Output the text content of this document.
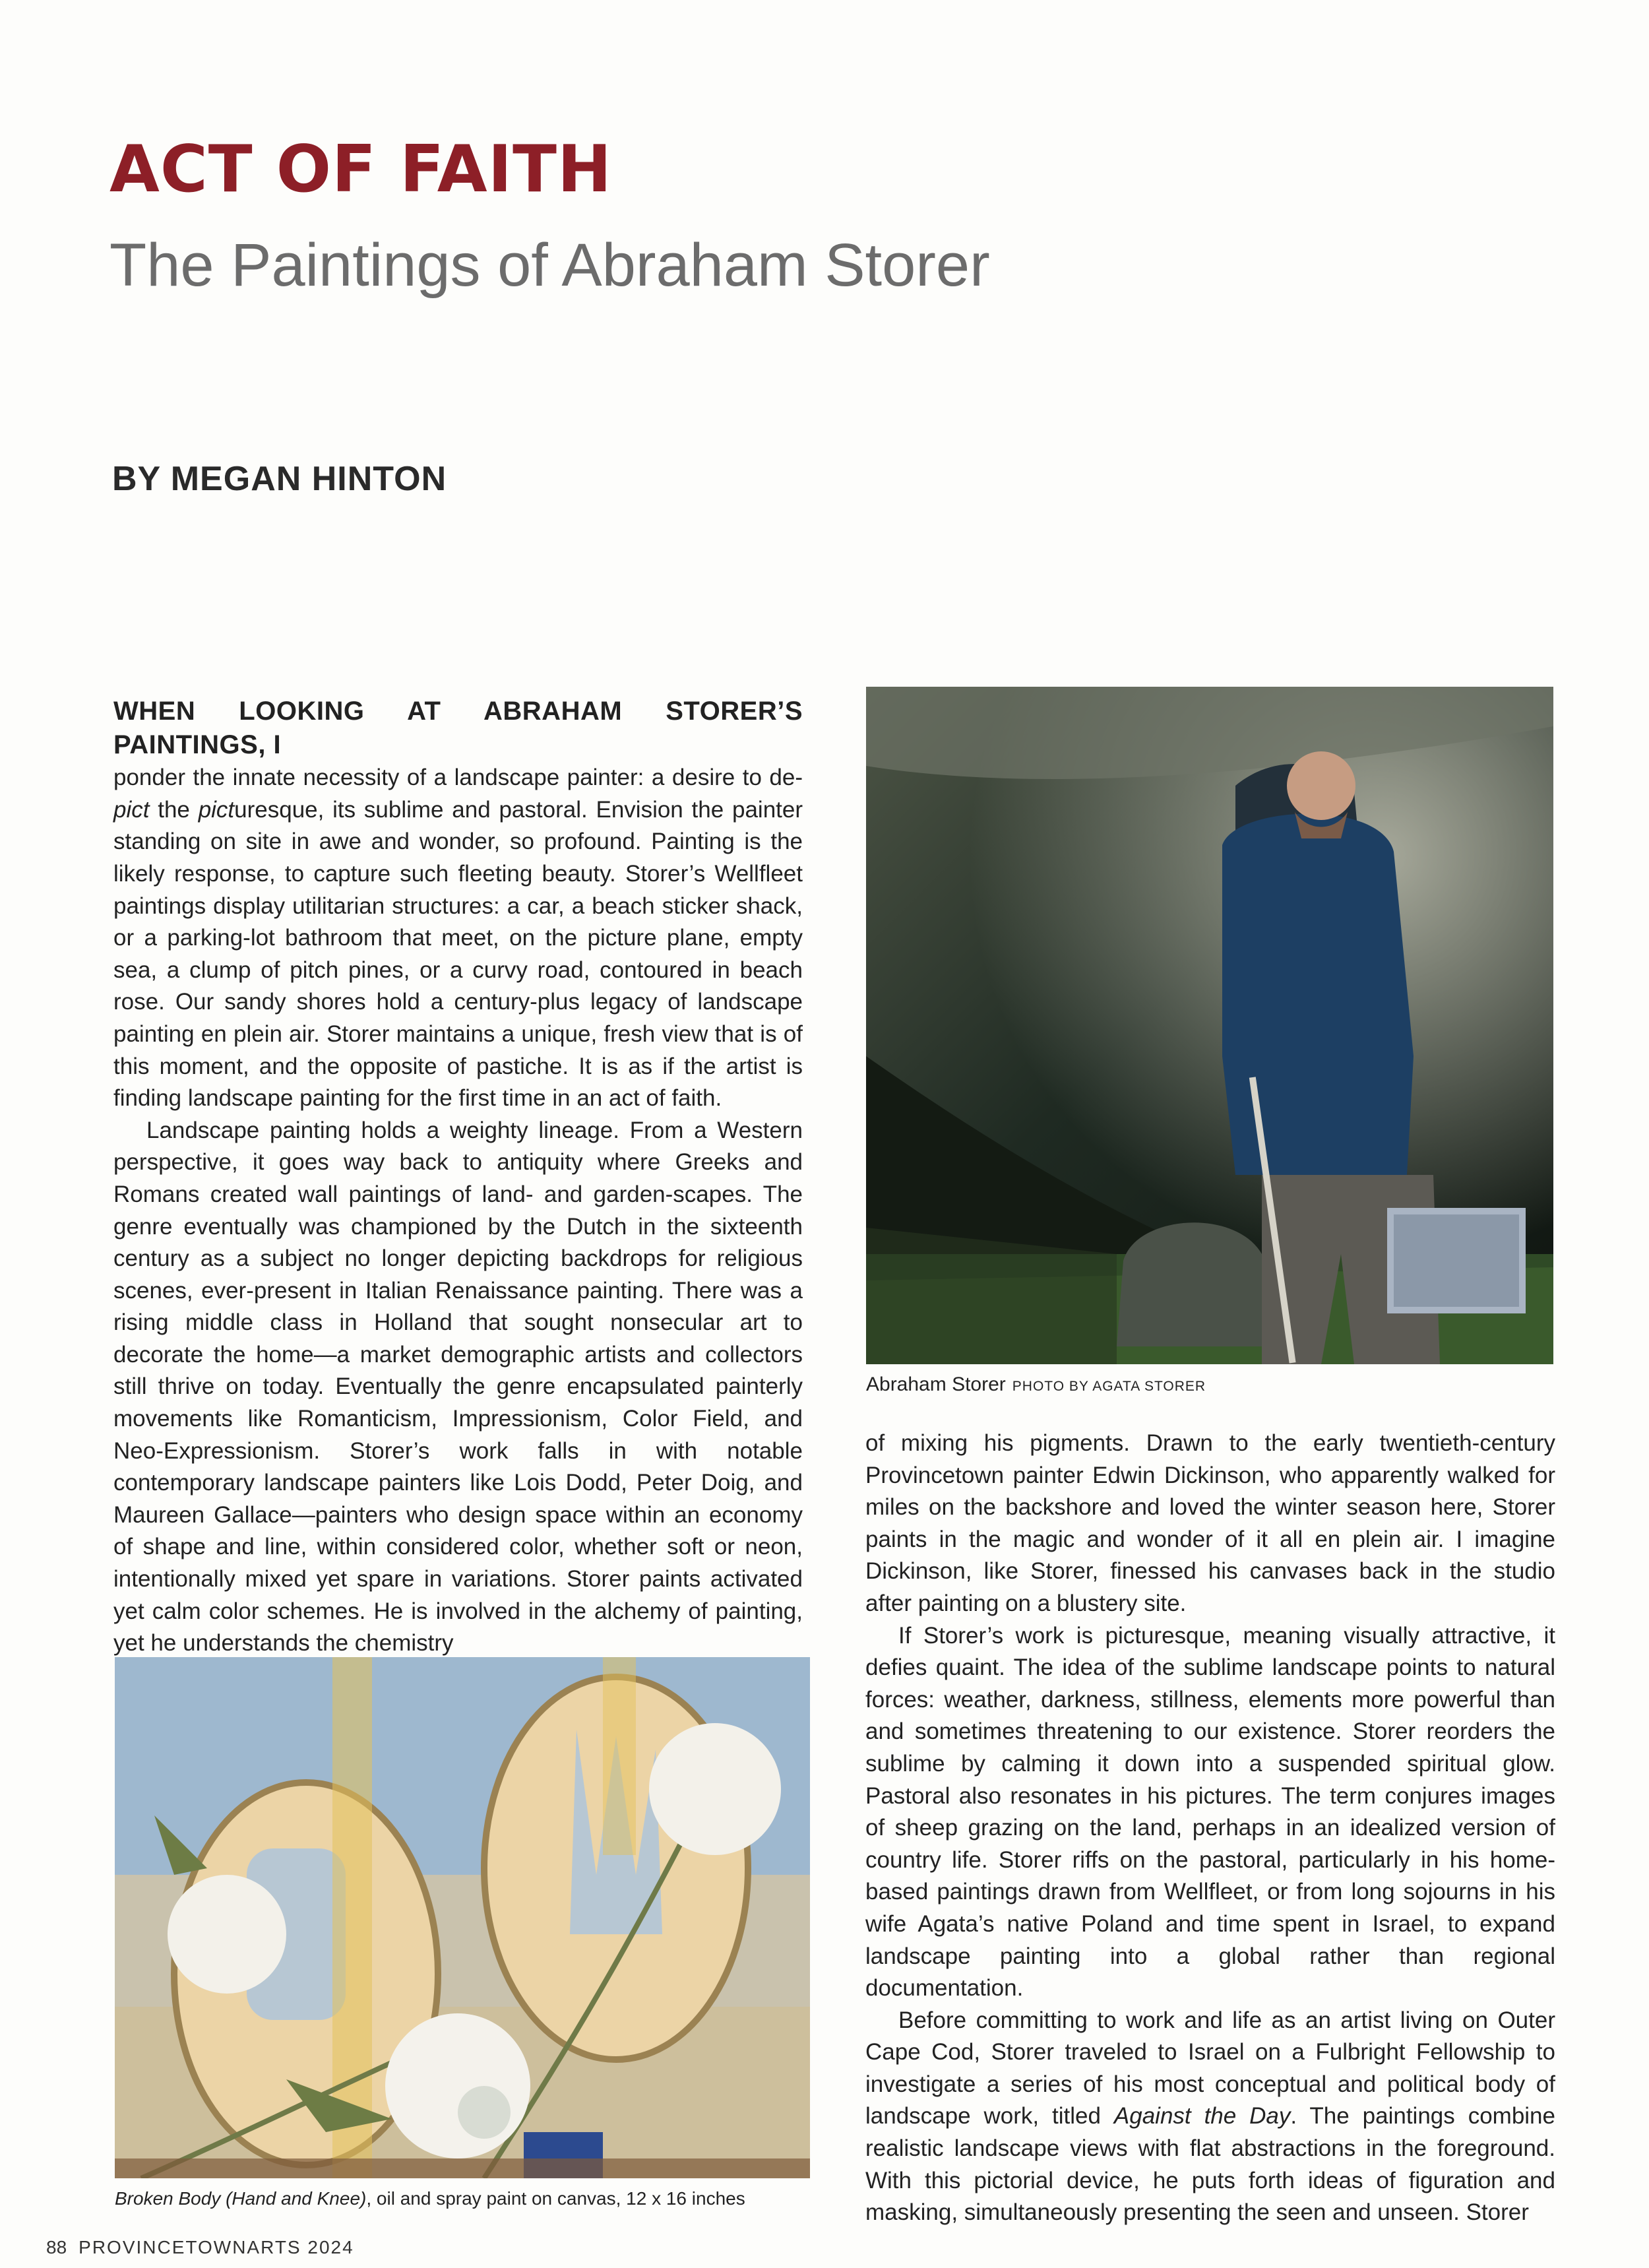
ACT OF FAITH
The Paintings of Abraham Storer
BY MEGAN HINTON

WHEN LOOKING AT ABRAHAM STORER’S PAINTINGS, I
ponder the innate necessity of a landscape painter: a desire to de-pict the picturesque, its sublime and pastoral. Envision the painter standing on site in awe and wonder, so profound. Painting is the likely response, to capture such fleeting beauty. Storer’s Wellfleet paintings display utilitarian structures: a car, a beach sticker shack, or a parking-lot bathroom that meet, on the picture plane, empty sea, a clump of pitch pines, or a curvy road, contoured in beach rose. Our sandy shores hold a century-plus legacy of landscape painting en plein air. Storer maintains a unique, fresh view that is of this moment, and the opposite of pastiche. It is as if the artist is finding landscape painting for the first time in an act of faith.

Landscape painting holds a weighty lineage. From a Western perspective, it goes way back to antiquity where Greeks and Romans created wall paintings of land- and garden-scapes. The genre eventually was championed by the Dutch in the sixteenth century as a subject no longer depicting backdrops for religious scenes, ever-present in Italian Renaissance painting. There was a rising middle class in Holland that sought nonsecular art to decorate the home—a market demographic artists and collectors still thrive on today. Eventually the genre encapsulated painterly movements like Romanticism, Impressionism, Color Field, and Neo-Expressionism. Storer’s work falls in with notable contemporary landscape painters like Lois Dodd, Peter Doig, and Maureen Gallace—painters who design space within an economy of shape and line, within considered color, whether soft or neon, intentionally mixed yet spare in variations. Storer paints activated yet calm color schemes. He is involved in the alchemy of painting, yet he understands the chemistry

Abraham Storer PHOTO BY AGATA STORER
Broken Body (Hand and Knee), oil and spray paint on canvas, 12 x 16 inches

of mixing his pigments. Drawn to the early twentieth-century Provincetown painter Edwin Dickinson, who apparently walked for miles on the backshore and loved the winter season here, Storer paints in the magic and wonder of it all en plein air. I imagine Dickinson, like Storer, finessed his canvases back in the studio after painting on a blustery site.

If Storer’s work is picturesque, meaning visually attractive, it defies quaint. The idea of the sublime landscape points to natural forces: weather, darkness, stillness, elements more powerful than and sometimes threatening to our existence. Storer reorders the sublime by calming it down into a suspended spiritual glow. Pastoral also resonates in his pictures. The term conjures images of sheep grazing on the land, perhaps in an idealized version of country life. Storer riffs on the pastoral, particularly in his home-based paintings drawn from Wellfleet, or from long sojourns in his wife Agata’s native Poland and time spent in Israel, to expand landscape painting into a global rather than regional documentation.

Before committing to work and life as an artist living on Outer Cape Cod, Storer traveled to Israel on a Fulbright Fellowship to investigate a series of his most conceptual and political body of landscape work, titled Against the Day. The paintings combine realistic landscape views with flat abstractions in the foreground. With this pictorial device, he puts forth ideas of figuration and masking, simultaneously presenting the seen and unseen. Storer

88 PROVINCETOWNARTS 2024
